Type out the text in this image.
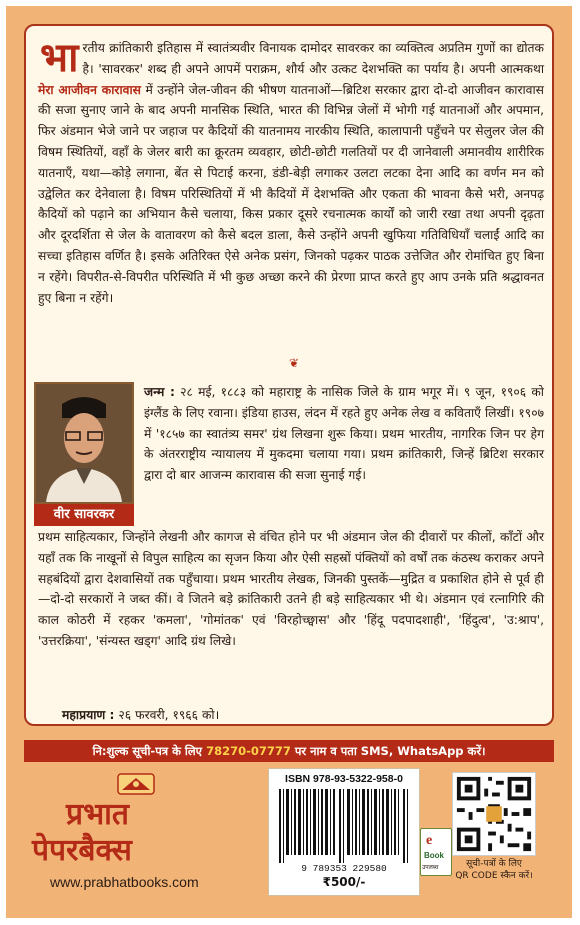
भारतीय क्रांतिकारी इतिहास में स्वातंत्र्यवीर विनायक दामोदर सावरकर का व्यक्तित्व अप्रतिम गुणों का द्योतक है। 'सावरकर' शब्द ही अपने आपमें पराक्रम, शौर्य और उत्कट देशभक्ति का पर्याय है। अपनी आत्मकथा मेरा आजीवन कारावास में उन्होंने जेल-जीवन की भीषण यातनाओं—ब्रिटिश सरकार द्वारा दो-दो आजीवन कारावास की सजा सुनाए जाने के बाद अपनी मानसिक स्थिति, भारत की विभिन्न जेलों में भोगी गई यातनाओं और अपमान, फिर अंडमान भेजे जाने पर जहाज पर कैदियों की यातनामय नारकीय स्थिति, कालापानी पहुँचने पर सेलुलर जेल की विषम स्थितियों, वहाँ के जेलर बारी का क्रूरतम व्यवहार, छोटी-छोटी गलतियों पर दी जानेवाली अमानवीय शारीरिक यातनाएँ, यथा—कोड़े लगाना, बेंत से पिटाई करना, डंडी-बेड़ी लगाकर उलटा लटका देना आदि का वर्णन मन को उद्वेलित कर देनेवाला है। विषम परिस्थितियों में भी कैदियों में देशभक्ति और एकता की भावना कैसे भरी, अनपढ़ कैदियों को पढ़ाने का अभियान कैसे चलाया, किस प्रकार दूसरे रचनात्मक कार्यों को जारी रखा तथा अपनी दृढ़ता और दूरदर्शिता से जेल के वातावरण को कैसे बदल डाला, कैसे उन्होंने अपनी खुफिया गतिविधियाँ चलाईं आदि का सच्चा इतिहास वर्णित है। इसके अतिरिक्त ऐसे अनेक प्रसंग, जिनको पढ़कर पाठक उत्तेजित और रोमांचित हुए बिना न रहेंगे। विपरीत-से-विपरीत परिस्थिति में भी कुछ अच्छा करने की प्रेरणा प्राप्त करते हुए आप उनके प्रति श्रद्धावनत हुए बिना न रहेंगे।
❦
वीर सावरकर
जन्म : २८ मई, १८८३ को महाराष्ट्र के नासिक जिले के ग्राम भगूर में। ९ जून, १९०६ को इंग्लैंड के लिए रवाना। इंडिया हाउस, लंदन में रहते हुए अनेक लेख व कविताएँ लिखीं। १९०७ में '१८५७ का स्वातंत्र्य समर' ग्रंथ लिखना शुरू किया। प्रथम भारतीय, नागरिक जिन पर हेग के अंतरराष्ट्रीय न्यायालय में मुकदमा चलाया गया। प्रथम क्रांतिकारी, जिन्हें ब्रिटिश सरकार द्वारा दो बार आजन्म कारावास की सजा सुनाई गई।
प्रथम साहित्यकार, जिन्होंने लेखनी और कागज से वंचित होने पर भी अंडमान जेल की दीवारों पर कीलों, काँटों और यहाँ तक कि नाखूनों से विपुल साहित्य का सृजन किया और ऐसी सहस्रों पंक्तियों को वर्षों तक कंठस्थ कराकर अपने सहबंदियों द्वारा देशवासियों तक पहुँचाया। प्रथम भारतीय लेखक, जिनकी पुस्तकें—मुद्रित व प्रकाशित होने से पूर्व ही—दो-दो सरकारों ने जब्त कीं। वे जितने बड़े क्रांतिकारी उतने ही बड़े साहित्यकार भी थे। अंडमान एवं रत्नागिरि की काल कोठरी में रहकर 'कमला', 'गोमांतक' एवं 'विरहोच्छ्वास' और 'हिंदू पदपादशाही', 'हिंदुत्व', 'उ:श्राप', 'उत्तरक्रिया', 'संन्यस्त खड्ग' आदि ग्रंथ लिखे।
महाप्रयाण : २६ फरवरी, १९६६ को।
नि:शुल्क सूची-पत्र के लिए 78270-07777 पर नाम व पता SMS, WhatsApp करें।
प्रभात
पेपरबैक्स
www.prabhatbooks.com
ISBN 978-93-5322-958-0
9 789353 229580
₹500/-
e
Book
उपलब्ध	सूची-पत्रों के लिए
QR CODE स्कैन करें।
